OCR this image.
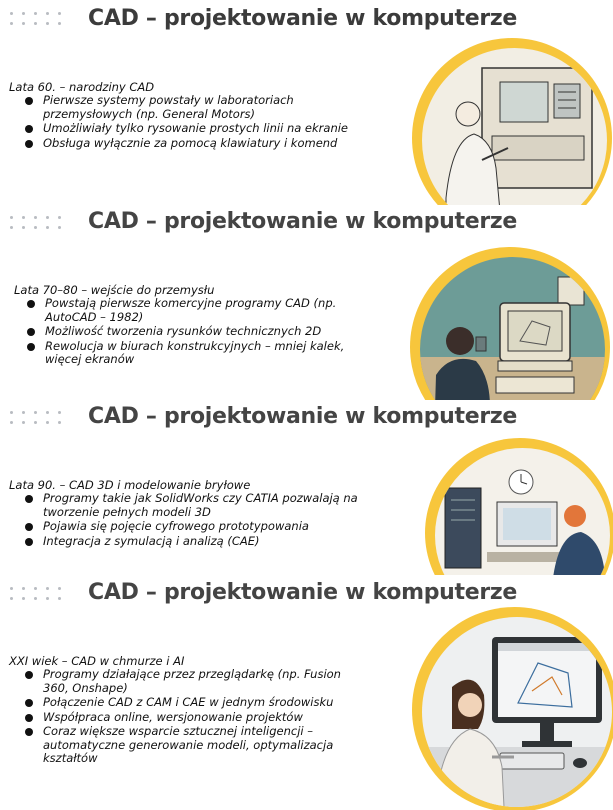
CAD – projektowanie w komputerze
Lata 60. – narodziny CAD
Pierwsze systemy powstały w laboratoriach przemysłowych (np. General Motors)
Umożliwiały tylko rysowanie prostych linii na ekranie
Obsługa wyłącznie za pomocą klawiatury i komend
CAD – projektowanie w komputerze
Lata 70–80 – wejście do przemysłu
Powstają pierwsze komercyjne programy CAD (np. AutoCAD – 1982)
Możliwość tworzenia rysunków technicznych 2D
Rewolucja w biurach konstrukcyjnych – mniej kalek, więcej ekranów
CAD – projektowanie w komputerze
Lata 90. – CAD 3D i modelowanie bryłowe
Programy takie jak SolidWorks czy CATIA pozwalają na tworzenie pełnych modeli 3D
Pojawia się pojęcie cyfrowego prototypowania
Integracja z symulacją i analizą (CAE)
CAD – projektowanie w komputerze
XXI wiek – CAD w chmurze i AI
Programy działające przez przeglądarkę (np. Fusion 360, Onshape)
Połączenie CAD z CAM i CAE w jednym środowisku
Współpraca online, wersjonowanie projektów
Coraz większe wsparcie sztucznej inteligencji – automatyczne generowanie modeli, optymalizacja kształtów
